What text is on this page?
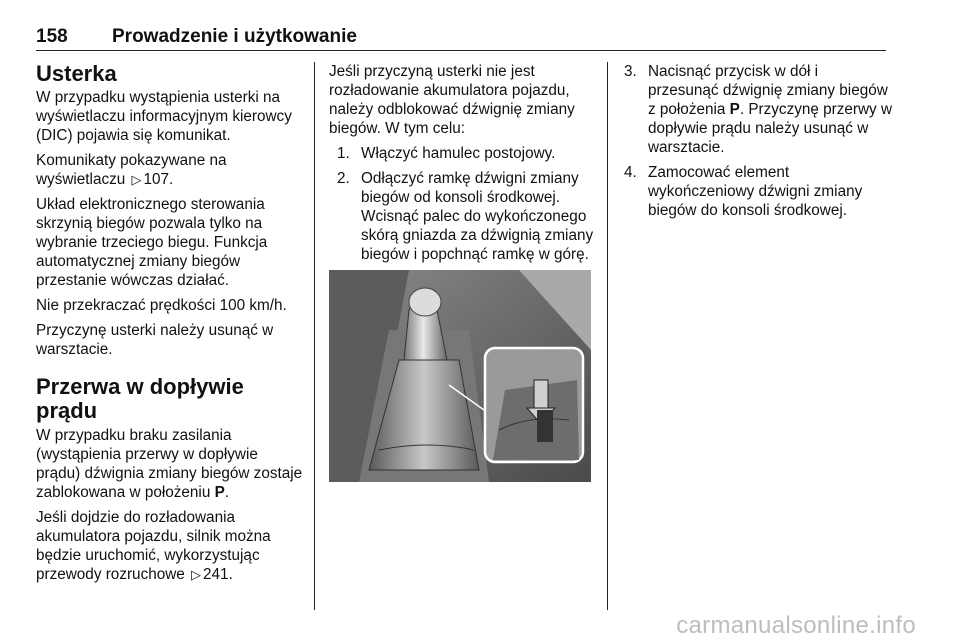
158 Prowadzenie i użytkowanie
Usterka

W przypadku wystąpienia usterki na wyświetlaczu informacyjnym kierowcy (DIC) pojawia się komunikat.

Komunikaty pokazywane na wyświetlaczu ▷ 107.

Układ elektronicznego sterowania skrzynią biegów pozwala tylko na wybranie trzeciego biegu. Funkcja automatycznej zmiany biegów przestanie wówczas działać.

Nie przekraczać prędkości 100 km/h.

Przyczynę usterki należy usunąć w warsztacie.

Przerwa w dopływie prądu

W przypadku braku zasilania (wystąpienia przerwy w dopływie prądu) dźwignia zmiany biegów zostaje zablokowana w położeniu P.

Jeśli dojdzie do rozładowania akumulatora pojazdu, silnik można będzie uruchomić, wykorzystując przewody rozruchowe ▷ 241.

Jeśli przyczyną usterki nie jest rozładowanie akumulatora pojazdu, należy odblokować dźwignię zmiany biegów. W tym celu:

1. Włączyć hamulec postojowy.
2. Odłączyć ramkę dźwigni zmiany biegów od konsoli środkowej. Wcisnąć palec do wykończonego skórą gniazda za dźwignią zmiany biegów i popchnąć ramkę w górę.
3. Nacisnąć przycisk w dół i przesunąć dźwignię zmiany biegów z położenia P. Przyczynę przerwy w dopływie prądu należy usunąć w warsztacie.
4. Zamocować element wykończeniowy dźwigni zmiany biegów do konsoli środkowej.
carmanualsonline.info
